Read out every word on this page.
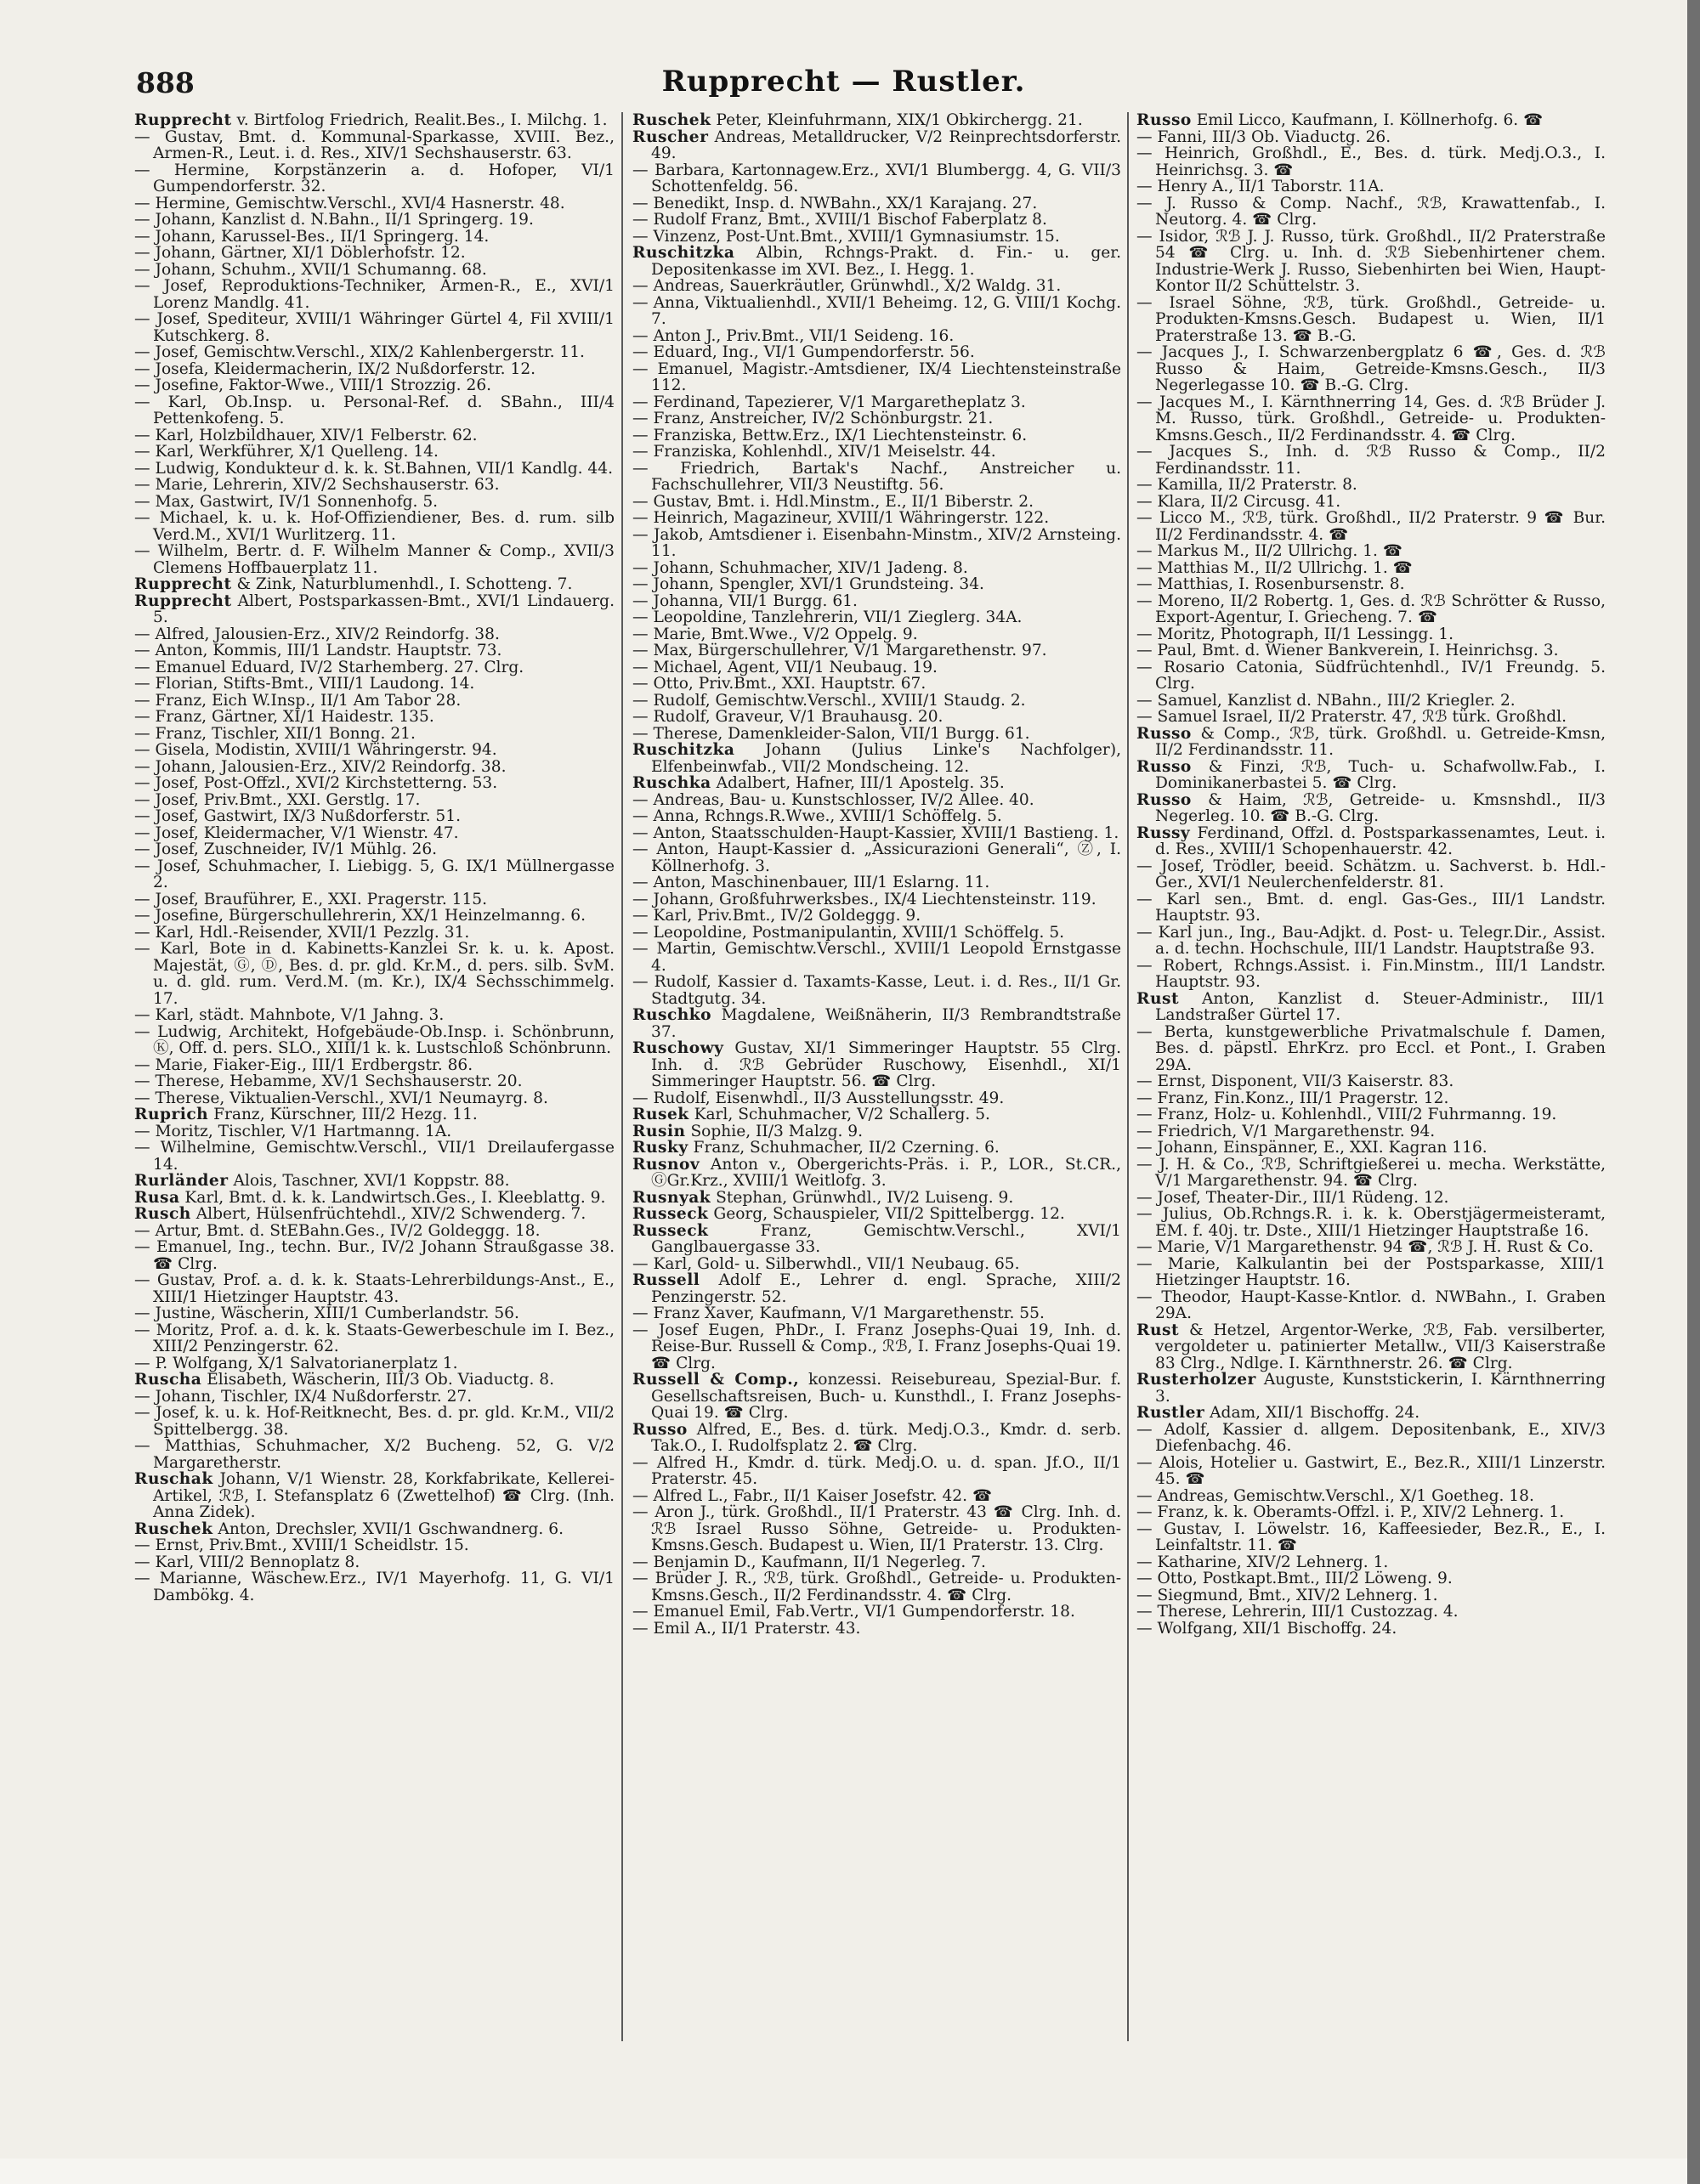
888	Rupprecht — Rustler.

Rupprecht v. Birtfolog Friedrich, Realit.Bes., I. Milchg. 1.

— Gustav, Bmt. d. Kommunal-Sparkasse, XVIII. Bez., Armen-R., Leut. i. d. Res., XIV/1 Sechshauserstr. 63.

— Hermine, Korpstänzerin a. d. Hofoper, VI/1 Gumpendorferstr. 32.

— Hermine, Gemischtw.Verschl., XVI/4 Hasnerstr. 48.

— Johann, Kanzlist d. N.Bahn., II/1 Springerg. 19.

— Johann, Karussel-Bes., II/1 Springerg. 14.

— Johann, Gärtner, XI/1 Döblerhofstr. 12.

— Johann, Schuhm., XVII/1 Schumanng. 68.

— Josef, Reproduktions-Techniker, Armen-R., E., XVI/1 Lorenz Mandlg. 41.

— Josef, Spediteur, XVIII/1 Währinger Gürtel 4, Fil XVIII/1 Kutschkerg. 8.

— Josef, Gemischtw.Verschl., XIX/2 Kahlenbergerstr. 11.

— Josefa, Kleidermacherin, IX/2 Nußdorferstr. 12.

— Josefine, Faktor-Wwe., VIII/1 Strozzig. 26.

— Karl, Ob.Insp. u. Personal-Ref. d. SBahn., III/4 Pettenkofeng. 5.

— Karl, Holzbildhauer, XIV/1 Felberstr. 62.

— Karl, Werkführer, X/1 Quelleng. 14.

— Ludwig, Kondukteur d. k. k. St.Bahnen, VII/1 Kandlg. 44.

— Marie, Lehrerin, XIV/2 Sechshauserstr. 63.

— Max, Gastwirt, IV/1 Sonnenhofg. 5.

— Michael, k. u. k. Hof-Offiziendiener, Bes. d. rum. silb Verd.M., XVI/1 Wurlitzerg. 11.

— Wilhelm, Bertr. d. F. Wilhelm Manner & Comp., XVII/3 Clemens Hoffbauerplatz 11.

Rupprecht & Zink, Naturblumenhdl., I. Schotteng. 7.

Rupprecht Albert, Postsparkassen-Bmt., XVI/1 Lindauerg. 5.

— Alfred, Jalousien-Erz., XIV/2 Reindorfg. 38.

— Anton, Kommis, III/1 Landstr. Hauptstr. 73.

— Emanuel Eduard, IV/2 Starhemberg. 27. Clrg.

— Florian, Stifts-Bmt., VIII/1 Laudong. 14.

— Franz, Eich W.Insp., II/1 Am Tabor 28.

— Franz, Gärtner, XI/1 Haidestr. 135.

— Franz, Tischler, XII/1 Bonng. 21.

— Gisela, Modistin, XVIII/1 Währingerstr. 94.

— Johann, Jalousien-Erz., XIV/2 Reindorfg. 38.

— Josef, Post-Offzl., XVI/2 Kirchstetterng. 53.

— Josef, Priv.Bmt., XXI. Gerstlg. 17.

— Josef, Gastwirt, IX/3 Nußdorferstr. 51.

— Josef, Kleidermacher, V/1 Wienstr. 47.

— Josef, Zuschneider, IV/1 Mühlg. 26.

— Josef, Schuhmacher, I. Liebigg. 5, G. IX/1 Müllnergasse 2.

— Josef, Brauführer, E., XXI. Pragerstr. 115.

— Josefine, Bürgerschullehrerin, XX/1 Heinzelmanng. 6.

— Karl, Hdl.-Reisender, XVII/1 Pezzlg. 31.

— Karl, Bote in d. Kabinetts-Kanzlei Sr. k. u. k. Apost. Majestät, Ⓖ, Ⓓ, Bes. d. pr. gld. Kr.M., d. pers. silb. SvM. u. d. gld. rum. Verd.M. (m. Kr.), IX/4 Sechsschimmelg. 17.

— Karl, städt. Mahnbote, V/1 Jahng. 3.

— Ludwig, Architekt, Hofgebäude-Ob.Insp. i. Schönbrunn, Ⓚ, Off. d. pers. SLO., XIII/1 k. k. Lustschloß Schönbrunn.

— Marie, Fiaker-Eig., III/1 Erdbergstr. 86.

— Therese, Hebamme, XV/1 Sechshauserstr. 20.

— Therese, Viktualien-Verschl., XVI/1 Neumayrg. 8.

Ruprich Franz, Kürschner, III/2 Hezg. 11.

— Moritz, Tischler, V/1 Hartmanng. 1A.

— Wilhelmine, Gemischtw.Verschl., VII/1 Dreilaufergasse 14.

Rurländer Alois, Taschner, XVI/1 Koppstr. 88.

Rusa Karl, Bmt. d. k. k. Landwirtsch.Ges., I. Kleeblattg. 9.

Rusch Albert, Hülsenfrüchtehdl., XIV/2 Schwenderg. 7.

— Artur, Bmt. d. StEBahn.Ges., IV/2 Goldeggg. 18.

— Emanuel, Ing., techn. Bur., IV/2 Johann Straußgasse 38. ☎ Clrg.

— Gustav, Prof. a. d. k. k. Staats-Lehrerbildungs-Anst., E., XIII/1 Hietzinger Hauptstr. 43.

— Justine, Wäscherin, XIII/1 Cumberlandstr. 56.

— Moritz, Prof. a. d. k. k. Staats-Gewerbeschule im I. Bez., XIII/2 Penzingerstr. 62.

— P. Wolfgang, X/1 Salvatorianerplatz 1.

Ruscha Elisabeth, Wäscherin, III/3 Ob. Viaductg. 8.

— Johann, Tischler, IX/4 Nußdorferstr. 27.

— Josef, k. u. k. Hof-Reitknecht, Bes. d. pr. gld. Kr.M., VII/2 Spittelbergg. 38.

— Matthias, Schuhmacher, X/2 Bucheng. 52, G. V/2 Margaretherstr.

Ruschak Johann, V/1 Wienstr. 28, Korkfabrikate, Kellerei-Artikel, ℛℬ, I. Stefansplatz 6 (Zwettelhof) ☎ Clrg. (Inh. Anna Zidek).

Ruschek Anton, Drechsler, XVII/1 Gschwandnerg. 6.

— Ernst, Priv.Bmt., XVIII/1 Scheidlstr. 15.

— Karl, VIII/2 Bennoplatz 8.

— Marianne, Wäschew.Erz., IV/1 Mayerhofg. 11, G. VI/1 Dambökg. 4.

Ruschek Peter, Kleinfuhrmann, XIX/1 Obkirchergg. 21.

Ruscher Andreas, Metalldrucker, V/2 Reinprechtsdorferstr. 49.

— Barbara, Kartonnagew.Erz., XVI/1 Blumbergg. 4, G. VII/3 Schottenfeldg. 56.

— Benedikt, Insp. d. NWBahn., XX/1 Karajang. 27.

— Rudolf Franz, Bmt., XVIII/1 Bischof Faberplatz 8.

— Vinzenz, Post-Unt.Bmt., XVIII/1 Gymnasiumstr. 15.

Ruschitzka Albin, Rchngs-Prakt. d. Fin.- u. ger. Depositenkasse im XVI. Bez., I. Hegg. 1.

— Andreas, Sauerkräutler, Grünwhdl., X/2 Waldg. 31.

— Anna, Viktualienhdl., XVII/1 Beheimg. 12, G. VIII/1 Kochg. 7.

— Anton J., Priv.Bmt., VII/1 Seideng. 16.

— Eduard, Ing., VI/1 Gumpendorferstr. 56.

— Emanuel, Magistr.-Amtsdiener, IX/4 Liechtensteinstraße 112.

— Ferdinand, Tapezierer, V/1 Margaretheplatz 3.

— Franz, Anstreicher, IV/2 Schönburgstr. 21.

— Franziska, Bettw.Erz., IX/1 Liechtensteinstr. 6.

— Franziska, Kohlenhdl., XIV/1 Meiselstr. 44.

— Friedrich, Bartak's Nachf., Anstreicher u. Fachschullehrer, VII/3 Neustiftg. 56.

— Gustav, Bmt. i. Hdl.Minstm., E., II/1 Biberstr. 2.

— Heinrich, Magazineur, XVIII/1 Währingerstr. 122.

— Jakob, Amtsdiener i. Eisenbahn-Minstm., XIV/2 Arnsteing. 11.

— Johann, Schuhmacher, XIV/1 Jadeng. 8.

— Johann, Spengler, XVI/1 Grundsteing. 34.

— Johanna, VII/1 Burgg. 61.

— Leopoldine, Tanzlehrerin, VII/1 Zieglerg. 34A.

— Marie, Bmt.Wwe., V/2 Oppelg. 9.

— Max, Bürgerschullehrer, V/1 Margarethenstr. 97.

— Michael, Agent, VII/1 Neubaug. 19.

— Otto, Priv.Bmt., XXI. Hauptstr. 67.

— Rudolf, Gemischtw.Verschl., XVIII/1 Staudg. 2.

— Rudolf, Graveur, V/1 Brauhausg. 20.

— Therese, Damenkleider-Salon, VII/1 Burgg. 61.

Ruschitzka Johann (Julius Linke's Nachfolger), Elfenbeinwfab., VII/2 Mondscheing. 12.

Ruschka Adalbert, Hafner, III/1 Apostelg. 35.

— Andreas, Bau- u. Kunstschlosser, IV/2 Allee. 40.

— Anna, Rchngs.R.Wwe., XVIII/1 Schöffelg. 5.

— Anton, Staatsschulden-Haupt-Kassier, XVIII/1 Bastieng. 1.

— Anton, Haupt-Kassier d. „Assicurazioni Generali“, Ⓩ, I. Köllnerhofg. 3.

— Anton, Maschinenbauer, III/1 Eslarng. 11.

— Johann, Großfuhrwerksbes., IX/4 Liechtensteinstr. 119.

— Karl, Priv.Bmt., IV/2 Goldeggg. 9.

— Leopoldine, Postmanipulantin, XVIII/1 Schöffelg. 5.

— Martin, Gemischtw.Verschl., XVIII/1 Leopold Ernstgasse 4.

— Rudolf, Kassier d. Taxamts-Kasse, Leut. i. d. Res., II/1 Gr. Stadtgutg. 34.

Ruschko Magdalene, Weißnäherin, II/3 Rembrandtstraße 37.

Ruschowy Gustav, XI/1 Simmeringer Hauptstr. 55 Clrg. Inh. d. ℛℬ Gebrüder Ruschowy, Eisenhdl., XI/1 Simmeringer Hauptstr. 56. ☎ Clrg.

— Rudolf, Eisenwhdl., II/3 Ausstellungsstr. 49.

Rusek Karl, Schuhmacher, V/2 Schallerg. 5.

Rusin Sophie, II/3 Malzg. 9.

Rusky Franz, Schuhmacher, II/2 Czerning. 6.

Rusnov Anton v., Obergerichts-Präs. i. P., LOR., St.CR., ⒼGr.Krz., XVIII/1 Weitlofg. 3.

Rusnyak Stephan, Grünwhdl., IV/2 Luiseng. 9.

Russeck Georg, Schauspieler, VII/2 Spittelbergg. 12.

Russeck Franz, Gemischtw.Verschl., XVI/1 Ganglbauergasse 33.

— Karl, Gold- u. Silberwhdl., VII/1 Neubaug. 65.

Russell Adolf E., Lehrer d. engl. Sprache, XIII/2 Penzingerstr. 52.

— Franz Xaver, Kaufmann, V/1 Margarethenstr. 55.

— Josef Eugen, PhDr., I. Franz Josephs-Quai 19, Inh. d. Reise-Bur. Russell & Comp., ℛℬ, I. Franz Josephs-Quai 19. ☎ Clrg.

Russell & Comp., konzessi. Reisebureau, Spezial-Bur. f. Gesellschaftsreisen, Buch- u. Kunsthdl., I. Franz Josephs-Quai 19. ☎ Clrg.

Russo Alfred, E., Bes. d. türk. Medj.O.3., Kmdr. d. serb. Tak.O., I. Rudolfsplatz 2. ☎ Clrg.

— Alfred H., Kmdr. d. türk. Medj.O. u. d. span. Jf.O., II/1 Praterstr. 45.

— Alfred L., Fabr., II/1 Kaiser Josefstr. 42. ☎

— Aron J., türk. Großhdl., II/1 Praterstr. 43 ☎ Clrg. Inh. d. ℛℬ Israel Russo Söhne, Getreide- u. Produkten-Kmsns.Gesch. Budapest u. Wien, II/1 Praterstr. 13. Clrg.

— Benjamin D., Kaufmann, II/1 Negerleg. 7.

— Brüder J. R., ℛℬ, türk. Großhdl., Getreide- u. Produkten-Kmsns.Gesch., II/2 Ferdinandsstr. 4. ☎ Clrg.

— Emanuel Emil, Fab.Vertr., VI/1 Gumpendorferstr. 18.

— Emil A., II/1 Praterstr. 43.

Russo Emil Licco, Kaufmann, I. Köllnerhofg. 6. ☎

— Fanni, III/3 Ob. Viaductg. 26.

— Heinrich, Großhdl., E., Bes. d. türk. Medj.O.3., I. Heinrichsg. 3. ☎

— Henry A., II/1 Taborstr. 11A.

— J. Russo & Comp. Nachf., ℛℬ, Krawattenfab., I. Neutorg. 4. ☎ Clrg.

— Isidor, ℛℬ J. J. Russo, türk. Großhdl., II/2 Praterstraße 54 ☎ Clrg. u. Inh. d. ℛℬ Siebenhirtener chem. Industrie-Werk J. Russo, Siebenhirten bei Wien, Haupt-Kontor II/2 Schüttelstr. 3.

— Israel Söhne, ℛℬ, türk. Großhdl., Getreide- u. Produkten-Kmsns.Gesch. Budapest u. Wien, II/1 Praterstraße 13. ☎ B.-G.

— Jacques J., I. Schwarzenbergplatz 6 ☎, Ges. d. ℛℬ Russo & Haim, Getreide-Kmsns.Gesch., II/3 Negerlegasse 10. ☎ B.-G. Clrg.

— Jacques M., I. Kärnthnerring 14, Ges. d. ℛℬ Brüder J. M. Russo, türk. Großhdl., Getreide- u. Produkten-Kmsns.Gesch., II/2 Ferdinandsstr. 4. ☎ Clrg.

— Jacques S., Inh. d. ℛℬ Russo & Comp., II/2 Ferdinandsstr. 11.

— Kamilla, II/2 Praterstr. 8.

— Klara, II/2 Circusg. 41.

— Licco M., ℛℬ, türk. Großhdl., II/2 Praterstr. 9 ☎ Bur. II/2 Ferdinandsstr. 4. ☎

— Markus M., II/2 Ullrichg. 1. ☎

— Matthias M., II/2 Ullrichg. 1. ☎

— Matthias, I. Rosenbursenstr. 8.

— Moreno, II/2 Robertg. 1, Ges. d. ℛℬ Schrötter & Russo, Export-Agentur, I. Griecheng. 7. ☎

— Moritz, Photograph, II/1 Lessingg. 1.

— Paul, Bmt. d. Wiener Bankverein, I. Heinrichsg. 3.

— Rosario Catonia, Südfrüchtenhdl., IV/1 Freundg. 5. Clrg.

— Samuel, Kanzlist d. NBahn., III/2 Kriegler. 2.

— Samuel Israel, II/2 Praterstr. 47, ℛℬ türk. Großhdl.

Russo & Comp., ℛℬ, türk. Großhdl. u. Getreide-Kmsn, II/2 Ferdinandsstr. 11.

Russo & Finzi, ℛℬ, Tuch- u. Schafwollw.Fab., I. Dominikanerbastei 5. ☎ Clrg.

Russo & Haim, ℛℬ, Getreide- u. Kmsnshdl., II/3 Negerleg. 10. ☎ B.-G. Clrg.

Russy Ferdinand, Offzl. d. Postsparkassenamtes, Leut. i. d. Res., XVIII/1 Schopenhauerstr. 42.

— Josef, Trödler, beeid. Schätzm. u. Sachverst. b. Hdl.-Ger., XVI/1 Neulerchenfelderstr. 81.

— Karl sen., Bmt. d. engl. Gas-Ges., III/1 Landstr. Hauptstr. 93.

— Karl jun., Ing., Bau-Adjkt. d. Post- u. Telegr.Dir., Assist. a. d. techn. Hochschule, III/1 Landstr. Hauptstraße 93.

— Robert, Rchngs.Assist. i. Fin.Minstm., III/1 Landstr. Hauptstr. 93.

Rust Anton, Kanzlist d. Steuer-Administr., III/1 Landstraßer Gürtel 17.

— Berta, kunstgewerbliche Privatmalschule f. Damen, Bes. d. päpstl. EhrKrz. pro Eccl. et Pont., I. Graben 29A.

— Ernst, Disponent, VII/3 Kaiserstr. 83.

— Franz, Fin.Konz., III/1 Pragerstr. 12.

— Franz, Holz- u. Kohlenhdl., VIII/2 Fuhrmanng. 19.

— Friedrich, V/1 Margarethenstr. 94.

— Johann, Einspänner, E., XXI. Kagran 116.

— J. H. & Co., ℛℬ, Schriftgießerei u. mecha. Werkstätte, V/1 Margarethenstr. 94. ☎ Clrg.

— Josef, Theater-Dir., III/1 Rüdeng. 12.

— Julius, Ob.Rchngs.R. i. k. k. Oberstjägermeisteramt, EM. f. 40j. tr. Dste., XIII/1 Hietzinger Hauptstraße 16.

— Marie, V/1 Margarethenstr. 94 ☎, ℛℬ J. H. Rust & Co.

— Marie, Kalkulantin bei der Postsparkasse, XIII/1 Hietzinger Hauptstr. 16.

— Theodor, Haupt-Kasse-Kntlor. d. NWBahn., I. Graben 29A.

Rust & Hetzel, Argentor-Werke, ℛℬ, Fab. versilberter, vergoldeter u. patinierter Metallw., VII/3 Kaiserstraße 83 Clrg., Ndlge. I. Kärnthnerstr. 26. ☎ Clrg.

Rusterholzer Auguste, Kunststickerin, I. Kärnthnerring 3.

Rustler Adam, XII/1 Bischoffg. 24.

— Adolf, Kassier d. allgem. Depositenbank, E., XIV/3 Diefenbachg. 46.

— Alois, Hotelier u. Gastwirt, E., Bez.R., XIII/1 Linzerstr. 45. ☎

— Andreas, Gemischtw.Verschl., X/1 Goetheg. 18.

— Franz, k. k. Oberamts-Offzl. i. P., XIV/2 Lehnerg. 1.

— Gustav, I. Löwelstr. 16, Kaffeesieder, Bez.R., E., I. Leinfaltstr. 11. ☎

— Katharine, XIV/2 Lehnerg. 1.

— Otto, Postkapt.Bmt., III/2 Löweng. 9.

— Siegmund, Bmt., XIV/2 Lehnerg. 1.

— Therese, Lehrerin, III/1 Custozzag. 4.

— Wolfgang, XII/1 Bischoffg. 24.
